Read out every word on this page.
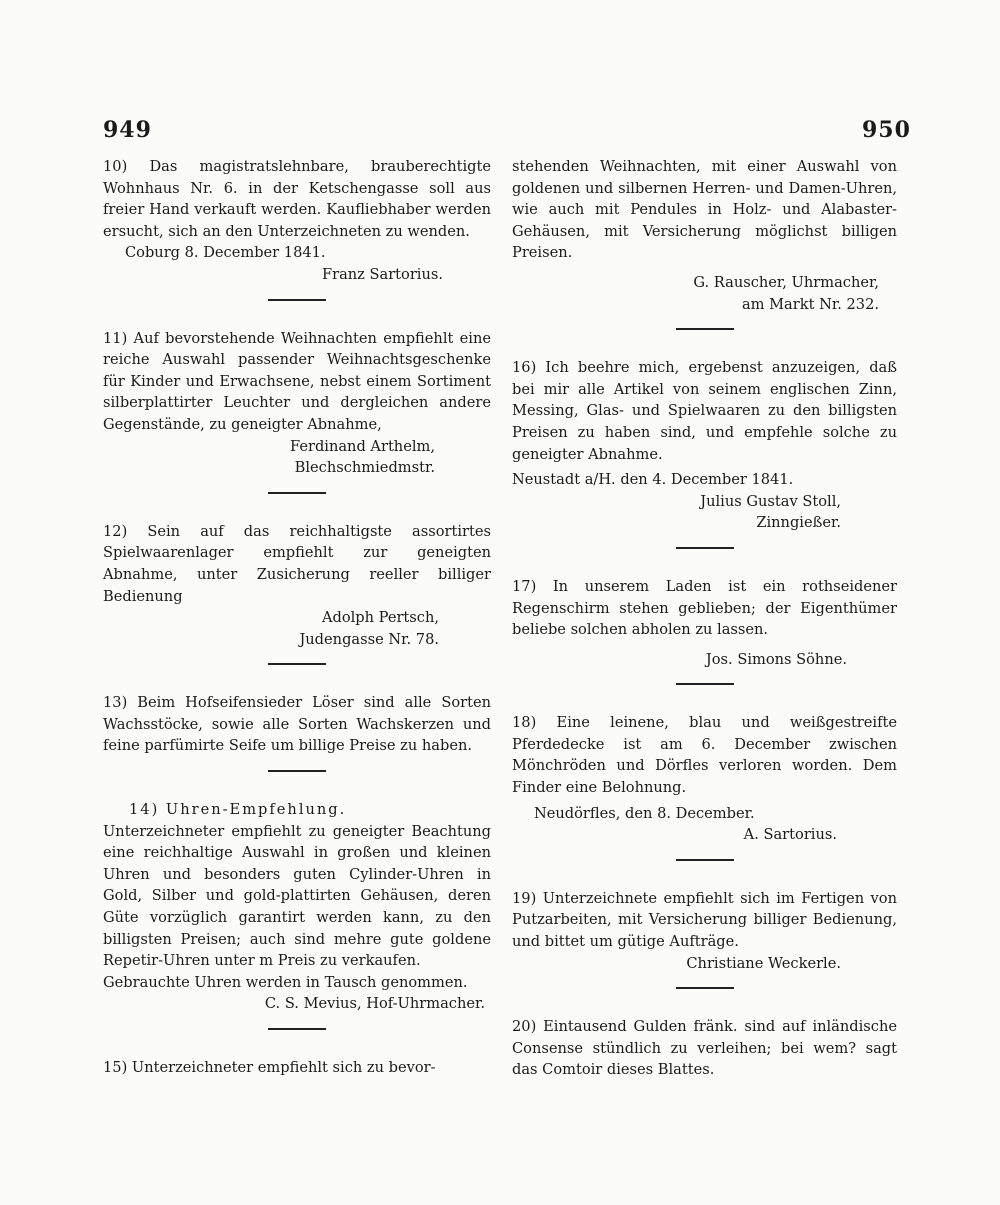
949	950
10) Das magistratslehnbare, brauberechtigte Wohnhaus Nr. 6. in der Ketschengasse soll aus freier Hand verkauft werden. Kaufliebhaber werden ersucht, sich an den Unterzeichneten zu wenden.
Coburg 8. December 1841.
Franz Sartorius.
11) Auf bevorstehende Weihnachten empfiehlt eine reiche Auswahl passender Weihnachtsgeschenke für Kinder und Erwachsene, nebst einem Sortiment silberplattirter Leuchter und dergleichen andere Gegenstände, zu geneigter Abnahme,
Ferdinand Arthelm,
Blechschmiedmstr.
12) Sein auf das reichhaltigste assortirtes Spielwaarenlager empfiehlt zur geneigten Abnahme, unter Zusicherung reeller billiger Bedienung
Adolph Pertsch,
Judengasse Nr. 78.
13) Beim Hofseifensieder Löser sind alle Sorten Wachsstöcke, sowie alle Sorten Wachskerzen und feine parfümirte Seife um billige Preise zu haben.
14) Uhren-Empfehlung.
Unterzeichneter empfiehlt zu geneigter Beachtung eine reichhaltige Auswahl in großen und kleinen Uhren und besonders guten Cylinder-Uhren in Gold, Silber und gold-plattirten Gehäusen, deren Güte vorzüglich garantirt werden kann, zu den billigsten Preisen; auch sind mehre gute goldene Repetir-Uhren unter m Preis zu verkaufen.
Gebrauchte Uhren werden in Tausch genommen.
C. S. Mevius, Hof-Uhrmacher.
15) Unterzeichneter empfiehlt sich zu bevor-
stehenden Weihnachten, mit einer Auswahl von goldenen und silbernen Herren- und Damen-Uhren, wie auch mit Pendules in Holz- und Alabaster-Gehäusen, mit Versicherung möglichst billigen Preisen.
G. Rauscher, Uhrmacher,
am Markt Nr. 232.
16) Ich beehre mich, ergebenst anzuzeigen, daß bei mir alle Artikel von seinem englischen Zinn, Messing, Glas- und Spielwaaren zu den billigsten Preisen zu haben sind, und empfehle solche zu geneigter Abnahme.
Neustadt a/H. den 4. December 1841.
Julius Gustav Stoll,
Zinngießer.
17) In unserem Laden ist ein rothseidener Regenschirm stehen geblieben; der Eigenthümer beliebe solchen abholen zu lassen.
Jos. Simons Söhne.
18) Eine leinene, blau und weißgestreifte Pferdedecke ist am 6. December zwischen Mönchröden und Dörfles verloren worden. Dem Finder eine Belohnung.
Neudörfles, den 8. December.
A. Sartorius.
19) Unterzeichnete empfiehlt sich im Fertigen von Putzarbeiten, mit Versicherung billiger Bedienung, und bittet um gütige Aufträge.
Christiane Weckerle.
20) Eintausend Gulden fränk. sind auf inländische Consense stündlich zu verleihen; bei wem? sagt das Comtoir dieses Blattes.
